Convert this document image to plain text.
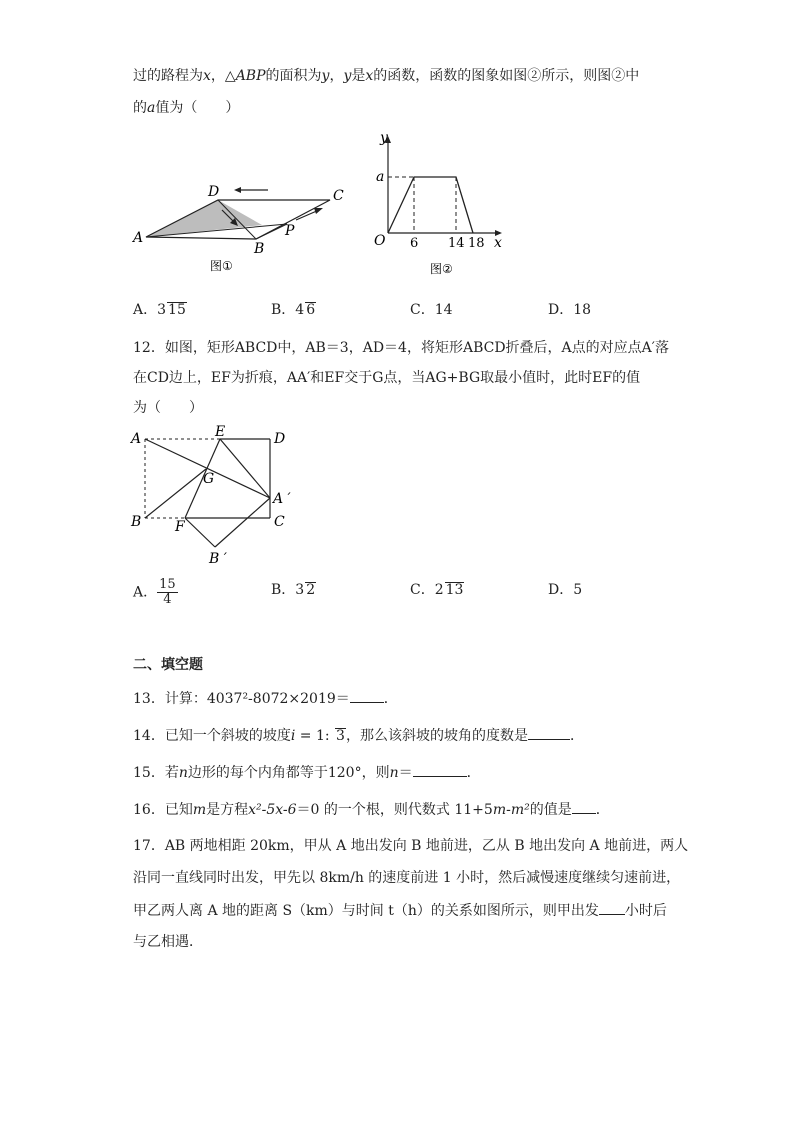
过的路程为x，△ABP的面积为y，y是x的函数，函数的图象如图②所示，则图②中
的a值为（　　）
A
D	C
B
P
图①
y
x
O
a
6 14 18
图②
A．3 15	B．4 6	C．14	D．18
12．如图，矩形ABCD中，AB＝3，AD＝4，将矩形ABCD折叠后，A点的对应点A′落
在CD边上，EF为折痕，AA′和EF交于G点，当AG+BG取最小值时，此时EF的值
为（　　）
A	E	D
G
A ′
B F	C
B ′
A． $\frac{15}{4}$	B．3 2	C．2 13	D．5
二、填空题
13．计算：4037²-8072×2019＝ ．
14．已知一个斜坡的坡度i = 1: 3，那么该斜坡的坡角的度数是	．
15．若n边形的每个内角都等于120°，则n＝	．
16．已知m是方程x²-5x-6＝0 的一个根，则代数式 11+5m-m²的值是 ．
17．AB 两地相距 20km，甲从 A 地出发向 B 地前进，乙从 B 地出发向 A 地前进，两人
沿同一直线同时出发，甲先以 8km/h 的速度前进 1 小时，然后减慢速度继续匀速前进，
甲乙两人离 A 地的距离 S（km）与时间 t（h）的关系如图所示，则甲出发 小时后
与乙相遇．
